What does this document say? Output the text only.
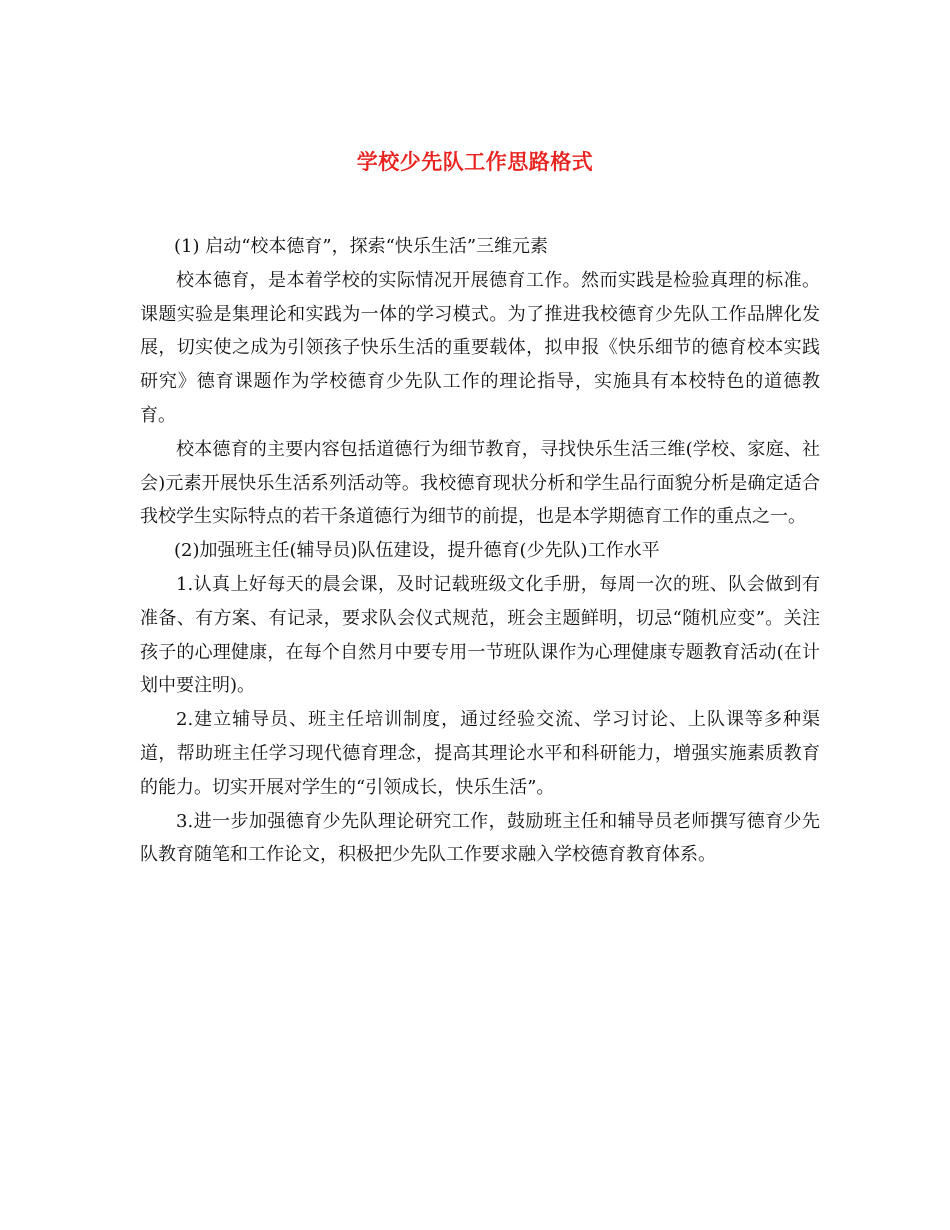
学校少先队工作思路格式

(1) 启动“校本德育”，探索“快乐生活”三维元素

校本德育，是本着学校的实际情况开展德育工作。然而实践是检验真理的标准。课题实验是集理论和实践为一体的学习模式。为了推进我校德育少先队工作品牌化发展，切实使之成为引领孩子快乐生活的重要载体，拟申报《快乐细节的德育校本实践研究》德育课题作为学校德育少先队工作的理论指导，实施具有本校特色的道德教育。

校本德育的主要内容包括道德行为细节教育，寻找快乐生活三维(学校、家庭、社会)元素开展快乐生活系列活动等。我校德育现状分析和学生品行面貌分析是确定适合我校学生实际特点的若干条道德行为细节的前提，也是本学期德育工作的重点之一。

(2)加强班主任(辅导员)队伍建设，提升德育(少先队)工作水平

1.认真上好每天的晨会课，及时记载班级文化手册，每周一次的班、队会做到有准备、有方案、有记录，要求队会仪式规范，班会主题鲜明，切忌“随机应变”。关注孩子的心理健康，在每个自然月中要专用一节班队课作为心理健康专题教育活动(在计划中要注明)。

2.建立辅导员、班主任培训制度，通过经验交流、学习讨论、上队课等多种渠道，帮助班主任学习现代德育理念，提高其理论水平和科研能力，增强实施素质教育的能力。切实开展对学生的“引领成长，快乐生活”。

3.进一步加强德育少先队理论研究工作，鼓励班主任和辅导员老师撰写德育少先队教育随笔和工作论文，积极把少先队工作要求融入学校德育教育体系。
